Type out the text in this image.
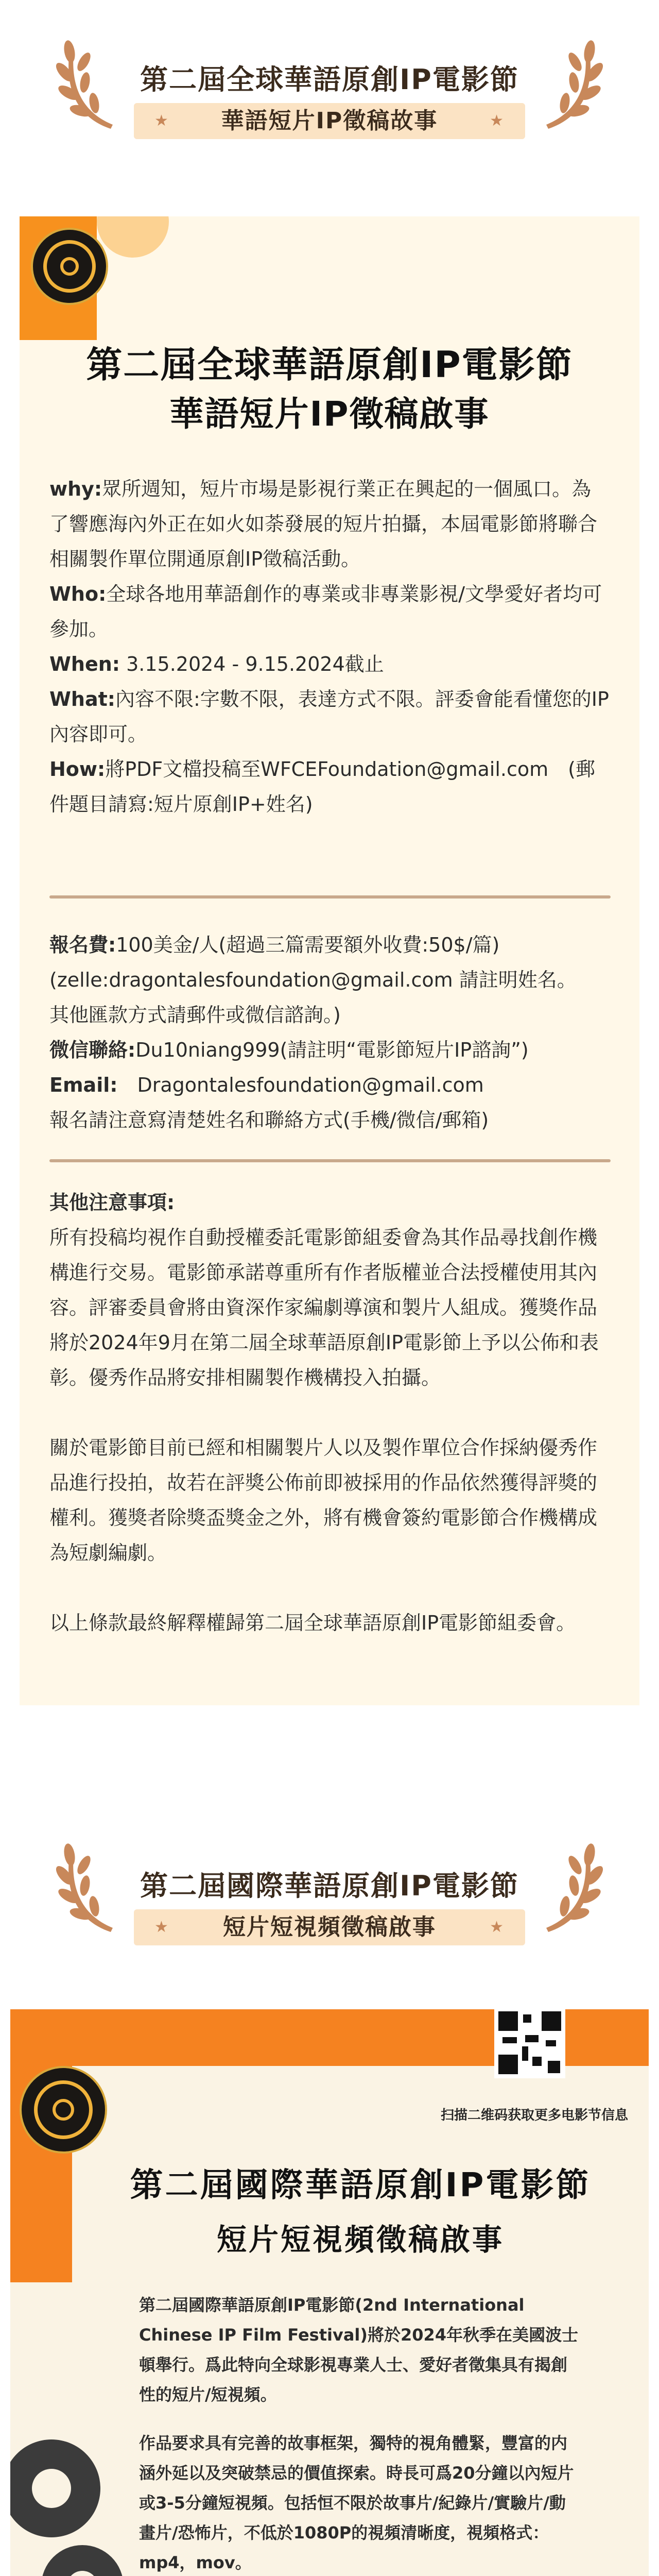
第二屆全球華語原創IP電影節
★ 華語短片IP徵稿故事	★
第二屆全球華語原創IP電影節
華語短片IP徵稿啟事

why:眾所週知，短片市場是影視行業正在興起的一個風口。為了響應海內外正在如火如荼發展的短片拍攝，本屆電影節將聯合相關製作單位開通原創IP徵稿活動。

Who:全球各地用華語創作的專業或非專業影視/文學愛好者均可參加。

When: 3.15.2024 - 9.15.2024截止

What:內容不限:字數不限，表達方式不限。評委會能看懂您的IP內容即可。

How:將PDF文檔投稿至WFCEFoundation@gmail.com　(郵件題目請寫:短片原創IP+姓名)

報名費:100美金/人(超過三篇需要額外收費:50$/篇)

(zelle:dragontalesfoundation@gmail.com 請註明姓名。

其他匯款方式請郵件或微信諮詢。)

微信聯絡:Du10niang999(請註明“電影節短片IP諮詢”)

Email:　Dragontalesfoundation@gmail.com

報名請注意寫清楚姓名和聯絡方式(手機/微信/郵箱)

其他注意事項:

所有投稿均視作自動授權委託電影節組委會為其作品尋找創作機構進行交易。電影節承諾尊重所有作者版權並合法授權使用其內容。評審委員會將由資深作家編劇導演和製片人組成。獲獎作品將於2024年9月在第二屆全球華語原創IP電影節上予以公佈和表彰。優秀作品將安排相關製作機構投入拍攝。

關於電影節目前已經和相關製片人以及製作單位合作採納優秀作品進行投拍，故若在評獎公佈前即被採用的作品依然獲得評獎的權利。獲獎者除獎盃獎金之外，將有機會簽約電影節合作機構成為短劇編劇。

以上條款最終解釋權歸第二屆全球華語原創IP電影節組委會。

第二屆國際華語原創IP電影節
★ 短片短視頻徵稿啟事	★
扫描二维码获取更多电影节信息
第二屆國際華語原創IP電影節
短片短視頻徵稿啟事

第二屆國際華語原創IP電影節(2nd International Chinese IP Film Festival)將於2024年秋季在美國波士頓舉行。爲此特向全球影視專業人士、愛好者徵集具有揭創性的短片/短視頻。

作品要求具有完善的故事框架，獨特的視角體緊，豐富的内涵外延以及突破禁忌的價值探索。時長可爲20分鐘以內短片或3-5分鐘短視頻。包括恒不限於故事片/紀錄片/實驗片/動畫片/恐怖片，不低於1080P的視頻清晰度，視頻格式：mp4，mov。
